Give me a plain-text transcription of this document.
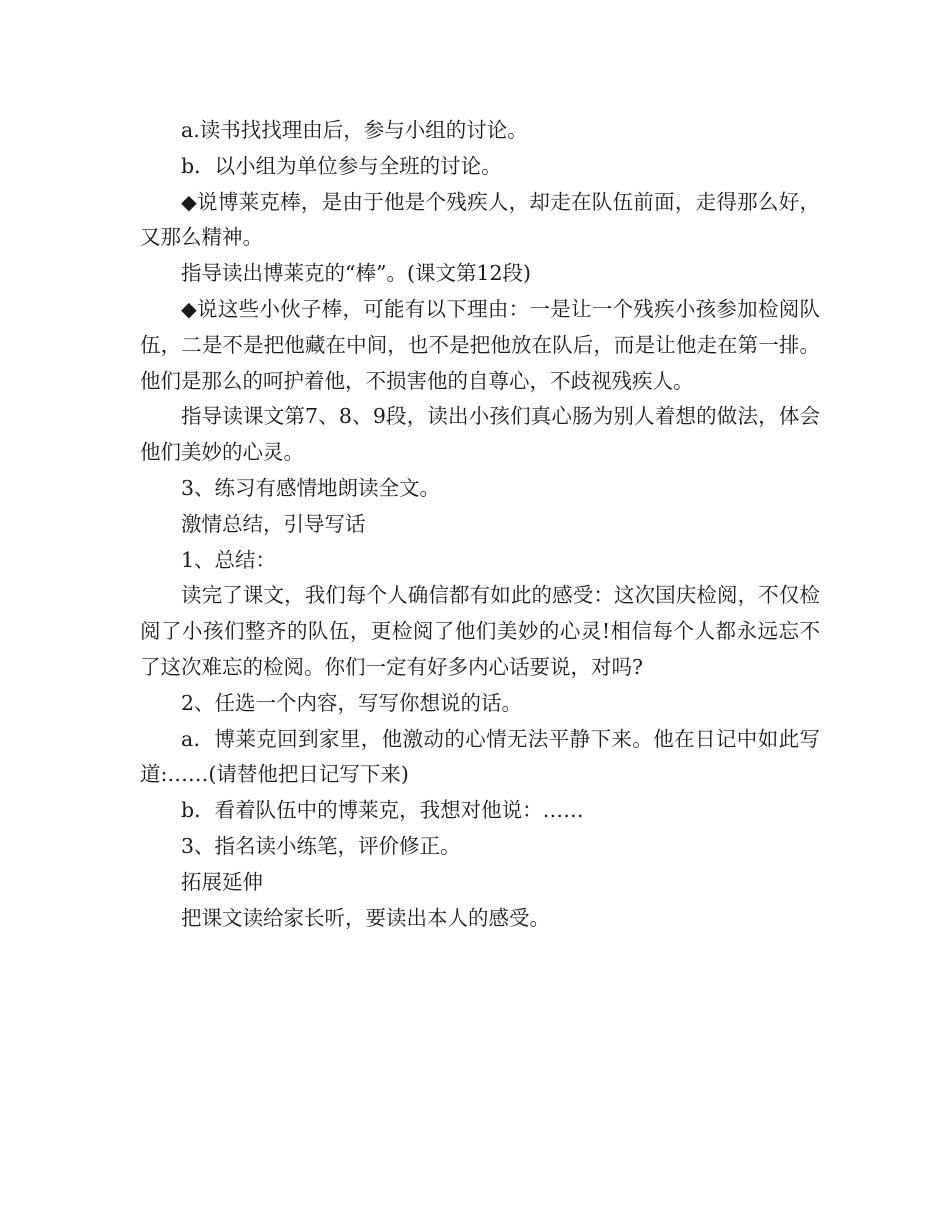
a.读书找找理由后，参与小组的讨论。

b．以小组为单位参与全班的讨论。

◆说博莱克棒，是由于他是个残疾人，却走在队伍前面，走得那么好，又那么精神。

指导读出博莱克的“棒”。(课文第12段)

◆说这些小伙子棒，可能有以下理由：一是让一个残疾小孩参加检阅队伍，二是不是把他藏在中间，也不是把他放在队后，而是让他走在第一排。他们是那么的呵护着他，不损害他的自尊心，不歧视残疾人。

指导读课文第7、8、9段，读出小孩们真心肠为别人着想的做法，体会他们美妙的心灵。

3、练习有感情地朗读全文。

激情总结，引导写话

1、总结：

读完了课文，我们每个人确信都有如此的感受：这次国庆检阅，不仅检阅了小孩们整齐的队伍，更检阅了他们美妙的心灵!相信每个人都永远忘不了这次难忘的检阅。你们一定有好多内心话要说，对吗?

2、任选一个内容，写写你想说的话。

a．博莱克回到家里，他激动的心情无法平静下来。他在日记中如此写道:……(请替他把日记写下来)

b．看着队伍中的博莱克，我想对他说：……

3、指名读小练笔，评价修正。

拓展延伸

把课文读给家长听，要读出本人的感受。
